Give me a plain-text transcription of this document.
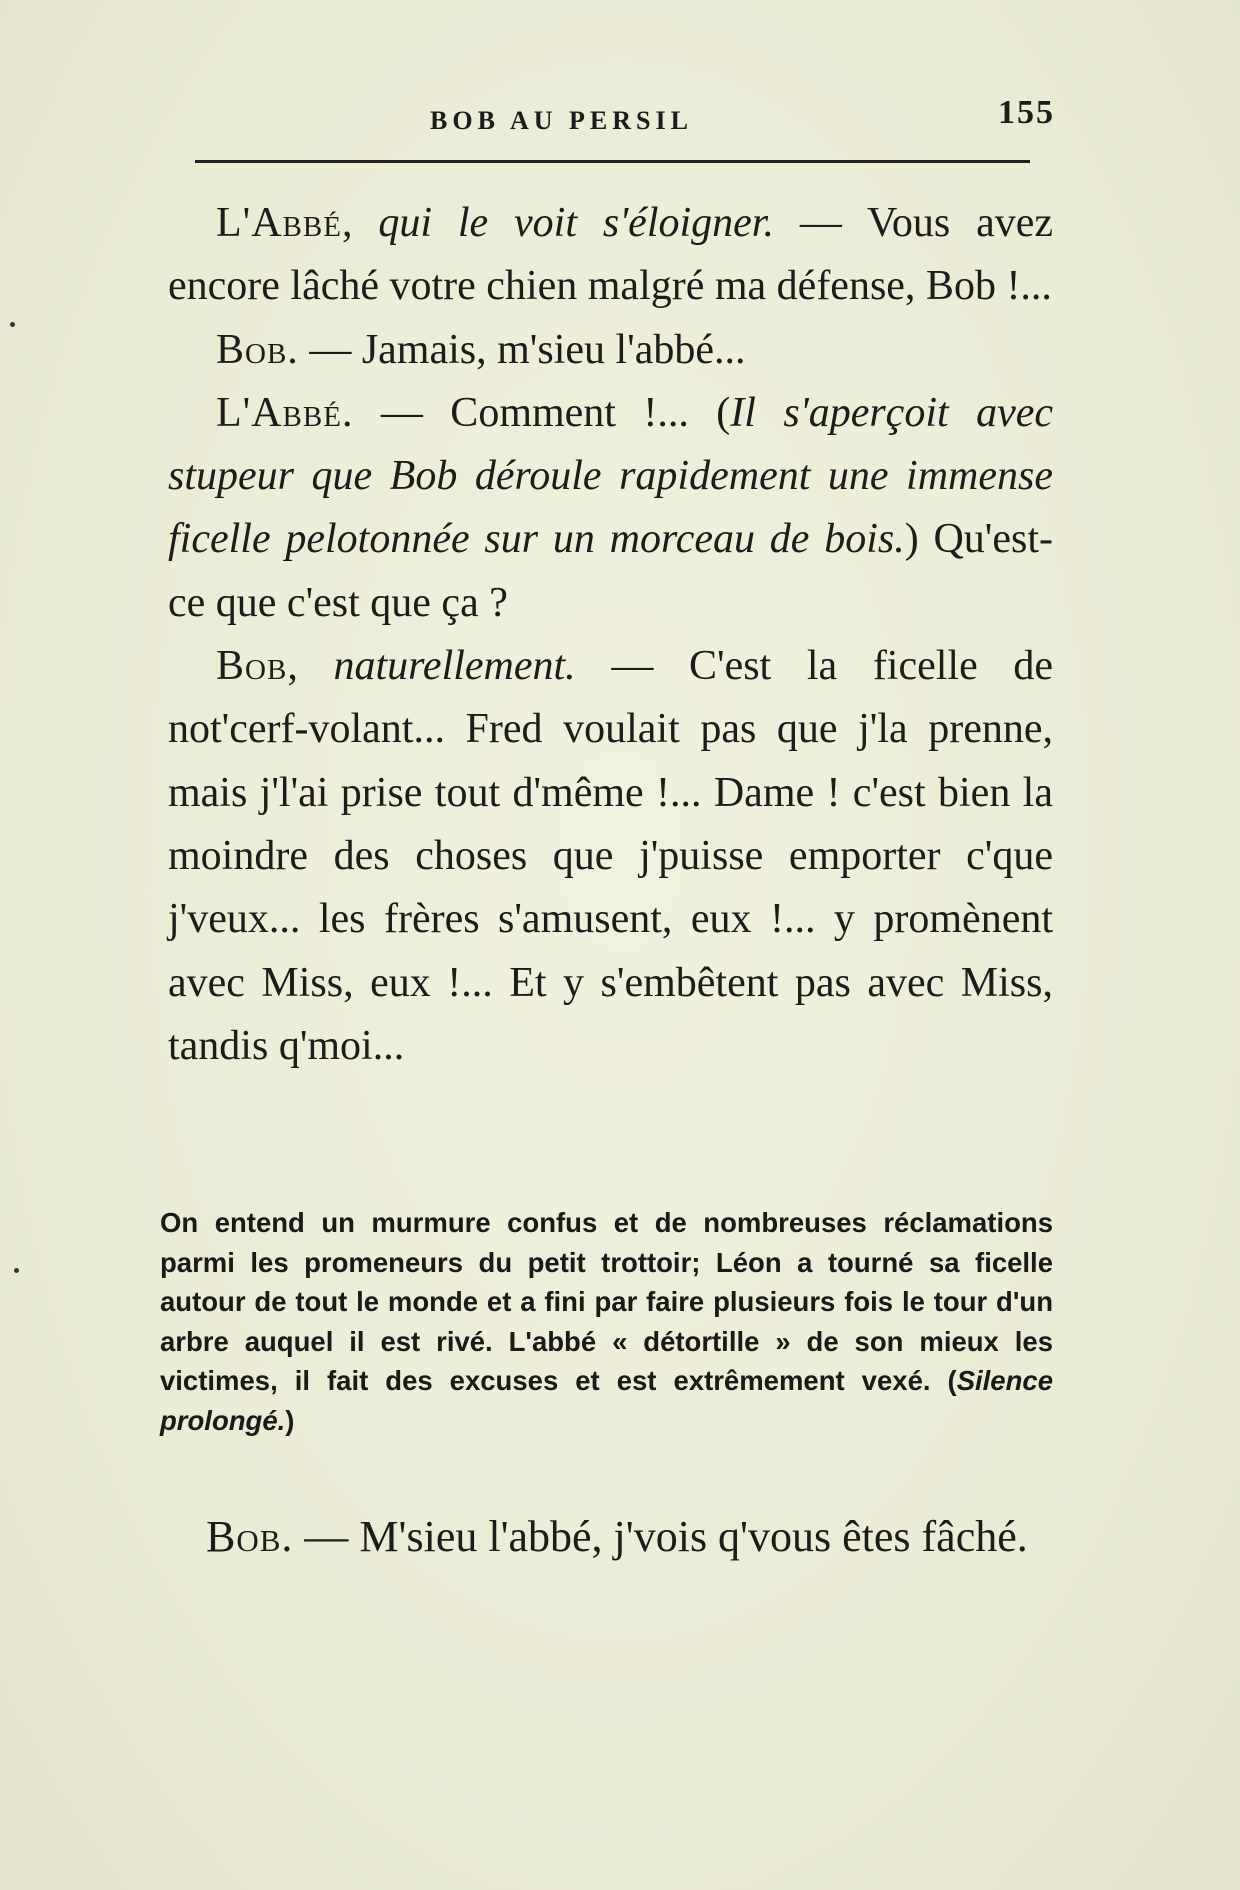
BOB AU PERSIL	155

L'Abbé, qui le voit s'éloigner. — Vous avez encore lâché votre chien malgré ma défense, Bob !...

Bob. — Jamais, m'sieu l'abbé...

L'Abbé. — Comment !... (Il s'aperçoit avec stupeur que Bob déroule rapidement une immense ficelle pelotonnée sur un morceau de bois.) Qu'est-ce que c'est que ça ?

Bob, naturellement. — C'est la ficelle de not'cerf-volant... Fred voulait pas que j'la prenne, mais j'l'ai prise tout d'même !... Dame ! c'est bien la moindre des choses que j'puisse emporter c'que j'veux... les frères s'amusent, eux !... y promènent avec Miss, eux !... Et y s'embêtent pas avec Miss, tandis q'moi...

On entend un murmure confus et de nombreuses réclamations parmi les promeneurs du petit trottoir; Léon a tourné sa ficelle autour de tout le monde et a fini par faire plusieurs fois le tour d'un arbre auquel il est rivé. L'abbé « détortille » de son mieux les victimes, il fait des excuses et est extrêmement vexé. (Silence prolongé.)

Bob. — M'sieu l'abbé, j'vois q'vous êtes fâché.
